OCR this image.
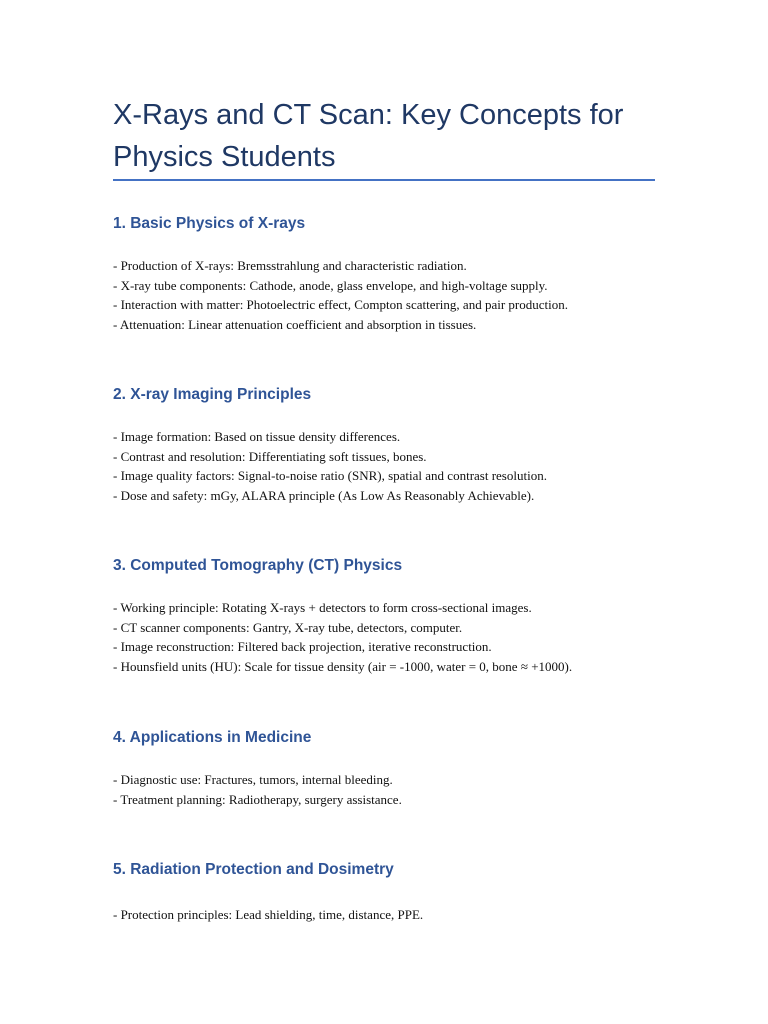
X-Rays and CT Scan: Key Concepts for
Physics Students
1. Basic Physics of X-rays
- Production of X-rays: Bremsstrahlung and characteristic radiation.
- X-ray tube components: Cathode, anode, glass envelope, and high-voltage supply.
- Interaction with matter: Photoelectric effect, Compton scattering, and pair production.
- Attenuation: Linear attenuation coefficient and absorption in tissues.
2. X-ray Imaging Principles
- Image formation: Based on tissue density differences.
- Contrast and resolution: Differentiating soft tissues, bones.
- Image quality factors: Signal-to-noise ratio (SNR), spatial and contrast resolution.
- Dose and safety: mGy, ALARA principle (As Low As Reasonably Achievable).
3. Computed Tomography (CT) Physics
- Working principle: Rotating X-rays + detectors to form cross-sectional images.
- CT scanner components: Gantry, X-ray tube, detectors, computer.
- Image reconstruction: Filtered back projection, iterative reconstruction.
- Hounsfield units (HU): Scale for tissue density (air = -1000, water = 0, bone ≈ +1000).
4. Applications in Medicine
- Diagnostic use: Fractures, tumors, internal bleeding.
- Treatment planning: Radiotherapy, surgery assistance.
5. Radiation Protection and Dosimetry
- Protection principles: Lead shielding, time, distance, PPE.
